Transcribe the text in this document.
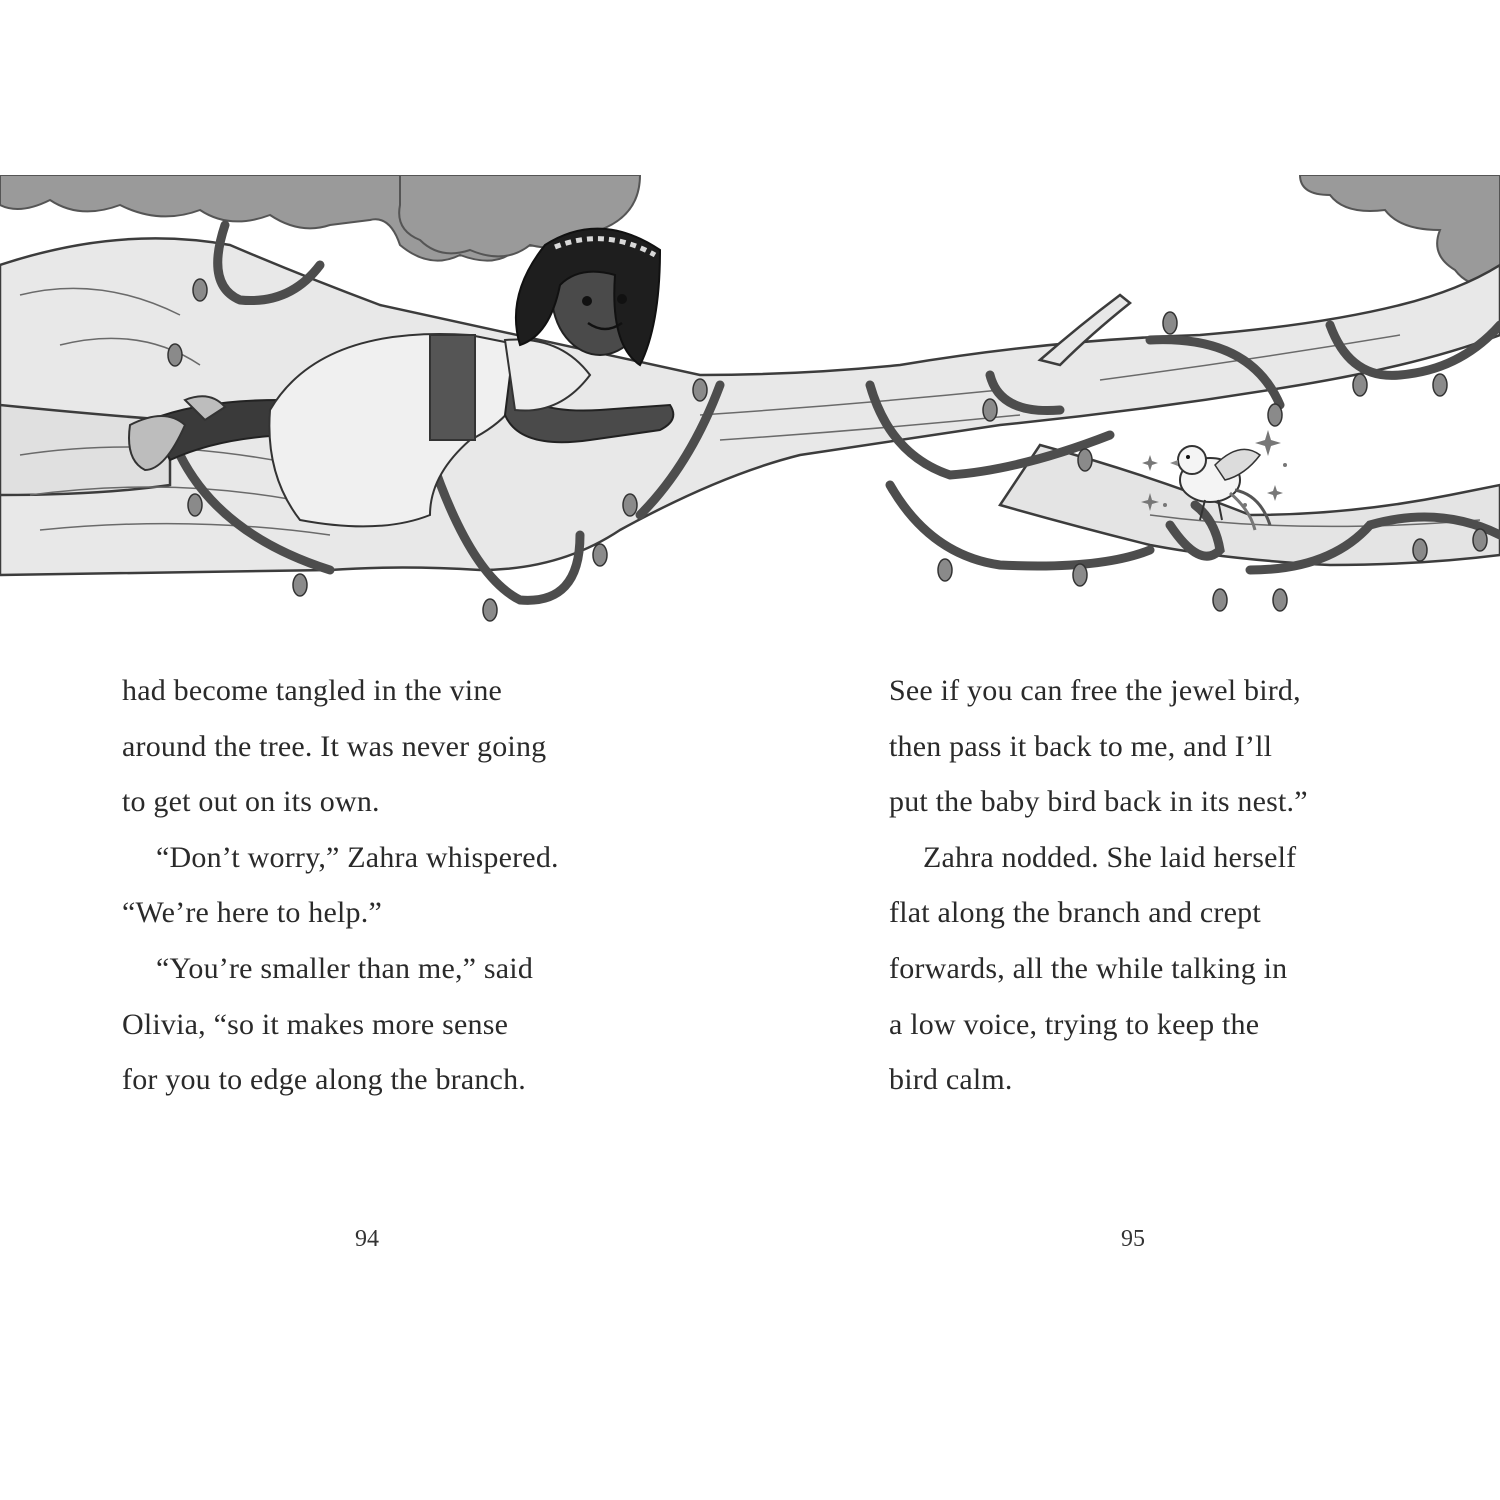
had become tangled in the vine
around the tree. It was never going
to get out on its own.
“Don’t worry,” Zahra whispered.
“We’re here to help.”
“You’re smaller than me,” said
Olivia, “so it makes more sense
for you to edge along the branch.
See if you can free the jewel bird,
then pass it back to me, and I’ll
put the baby bird back in its nest.”
Zahra nodded. She laid herself
flat along the branch and crept
forwards, all the while talking in
a low voice, trying to keep the
bird calm.
94	95
